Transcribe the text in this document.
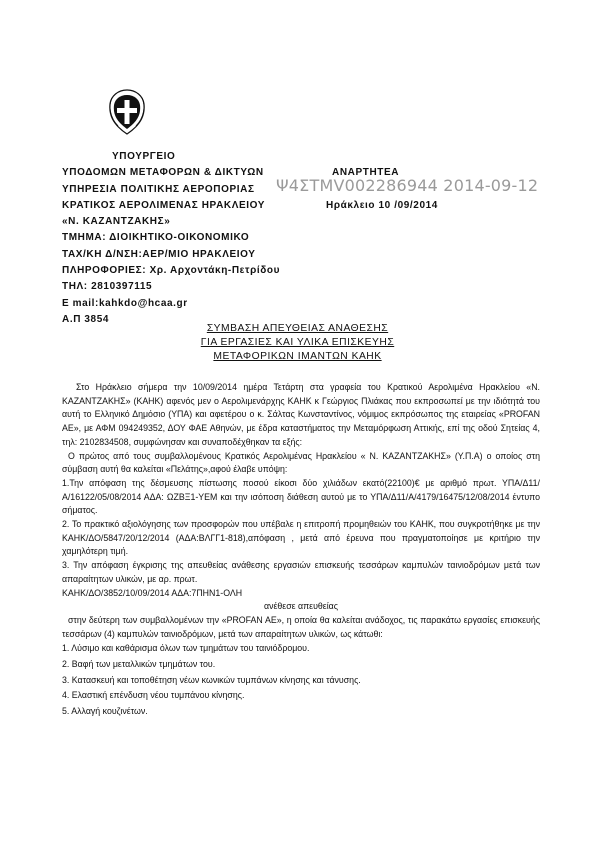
ΥΠΟΥΡΓΕΙΟ
ΥΠΟΔΟΜΩΝ ΜΕΤΑΦΟΡΩΝ & ΔΙΚΤΥΩΝ	ΑΝΑΡΤΗΤΕΑ
ΥΠΗΡΕΣΙΑ ΠΟΛΙΤΙΚΗΣ ΑΕΡΟΠΟΡΙΑΣ
ΚΡΑΤΙΚΟΣ ΑΕΡΟΛΙΜΕΝΑΣ ΗΡΑΚΛΕΙΟΥ	Ηράκλειο 10 /09/2014
«Ν. ΚΑΖΑΝΤΖΑΚΗΣ»
ΤΜΗΜΑ: ΔΙΟΙΚΗΤΙΚΟ-ΟΙΚΟΝΟΜΙΚΟ
ΤΑΧ/ΚΗ Δ/ΝΣΗ:ΑΕΡ/ΜΙΟ ΗΡΑΚΛΕΙΟΥ
ΠΛΗΡΟΦΟΡΙΕΣ: Χρ. Αρχοντάκη-Πετρίδου
ΤΗΛ: 2810397115
E mail:kahkdo@hcaa.gr
Α.Π 3854
Ψ4ΣΤΜV002286944 2014-09-12
ΣΥΜΒΑΣΗ ΑΠΕΥΘΕΙΑΣ ΑΝΑΘΕΣΗΣ
ΓΙΑ ΕΡΓΑΣΙΕΣ ΚΑΙ ΥΛΙΚΑ ΕΠΙΣΚΕΥΗΣ
ΜΕΤΑΦΟΡΙΚΩΝ ΙΜΑΝΤΩΝ ΚΑΗΚ

Στο Ηράκλειο σήμερα την 10/09/2014 ημέρα Τετάρτη στα γραφεία του Κρατικού Αερολιμένα Ηρακλείου «Ν. ΚΑΖΑΝΤΖΑΚΗΣ» (ΚΑΗΚ) αφενός μεν ο Αερολιμενάρχης ΚΑΗΚ κ Γεώργιος Πλιάκας που εκπροσωπεί με την ιδιότητά του αυτή το Ελληνικό Δημόσιο (ΥΠΑ) και αφετέρου ο κ. Σάλτας Κωνσταντίνος, νόμιμος εκπρόσωπος της εταιρείας «PROFAN AE», με ΑΦΜ 094249352, ΔΟΥ ΦΑΕ Αθηνών, με έδρα καταστήματος την Μεταμόρφωση Αττικής, επί της οδού Σητείας 4, τηλ: 2102834508, συμφώνησαν και συναποδέχθηκαν τα εξής:

Ο πρώτος από τους συμβαλλομένους Κρατικός Αερολιμένας Ηρακλείου « Ν. ΚΑΖΑΝΤΖΑΚΗΣ» (Υ.Π.Α) ο οποίος στη σύμβαση αυτή θα καλείται «Πελάτης»,αφού έλαβε υπόψη:

1.Την απόφαση της δέσμευσης πίστωσης ποσού είκοσι δύο χιλιάδων εκατό(22100)€ με αριθμό πρωτ. ΥΠΑ/Δ11/Α/16122/05/08/2014 ΑΔΑ: ΩΖΒΞ1-ΥΕΜ και την ισόποση διάθεση αυτού με το ΥΠΑ/Δ11/Α/4179/16475/12/08/2014 έντυπο σήματος.

2. Το πρακτικό αξιολόγησης των προσφορών που υπέβαλε η επιτροπή προμηθειών του ΚΑΗΚ, που συγκροτήθηκε με την ΚΑΗΚ/ΔΟ/5847/20/12/2014 (ΑΔΑ:ΒΛΓΓ1-818),απόφαση , μετά από έρευνα που πραγματοποίησε με κριτήριο την χαμηλότερη τιμή.

3. Την απόφαση έγκρισης της απευθείας ανάθεσης εργασιών επισκευής τεσσάρων καμπυλών ταινιοδρόμων μετά των απαραίτητων υλικών, με αρ. πρωτ.

ΚΑΗΚ/ΔΟ/3852/10/09/2014 ΑΔΑ:7ΠΗΝ1-ΟΛΗ

ανέθεσε απευθείας

στην δεύτερη των συμβαλλομένων την «PROFAN AE», η οποία θα καλείται ανάδοχος, τις παρακάτω εργασίες επισκευής τεσσάρων (4) καμπυλών ταινιοδρόμων, μετά των απαραίτητων υλικών, ως κάτωθι:

1. Λύσιμο και καθάρισμα όλων των τμημάτων του ταινιόδρομου.

2. Βαφή των μεταλλικών τμημάτων του.

3. Κατασκευή και τοποθέτηση νέων κωνικών τυμπάνων κίνησης και τάνυσης.

4. Ελαστική επένδυση νέου τυμπάνου κίνησης.

5. Αλλαγή κουζινέτων.
